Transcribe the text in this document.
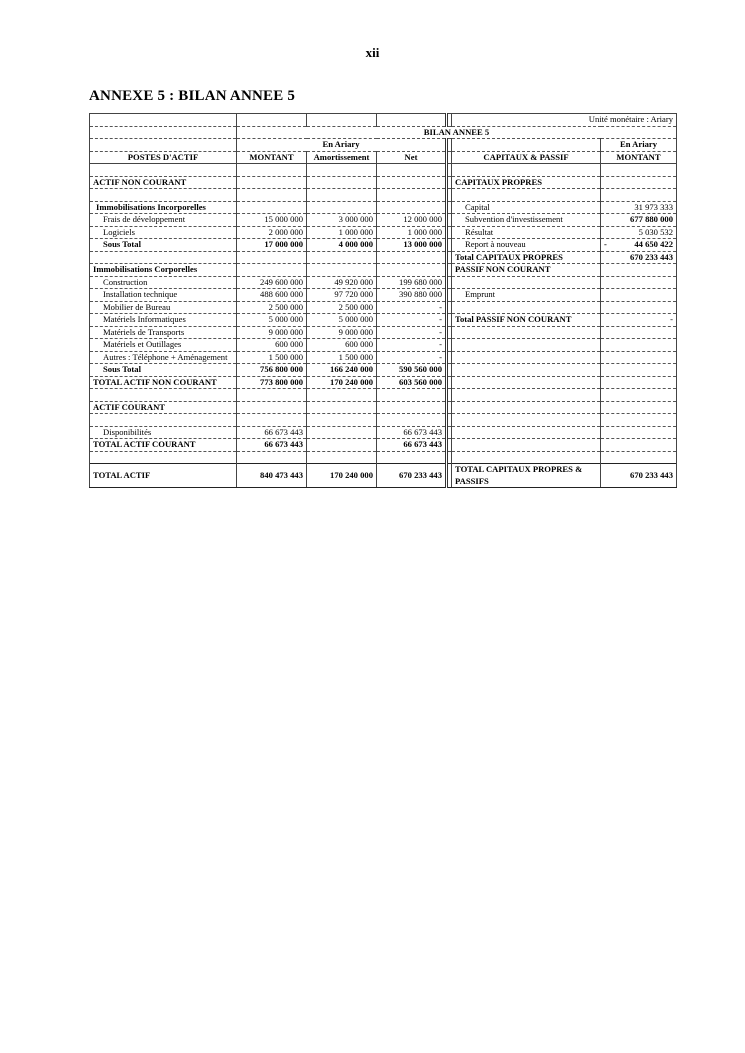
xii
ANNEXE 5 : BILAN ANNEE 5
					Unité monétaire : Ariary	
	BILAN ANNEE 5					
	En Ariary					En Ariary
POSTES D'ACTIF	MONTANT	Amortissement	Net		CAPITAUX & PASSIF	MONTANT

ACTIF NON COURANT					CAPITAUX PROPRES	

Immobilisations Incorporelles					Capital	31 973 333
Frais de développement	15 000 000	3 000 000	12 000 000		Subvention d'investissement	677 880 000
Logiciels	2 000 000	1 000 000	1 000 000		Résultat	5 030 532
Sous Total	17 000 000	4 000 000	13 000 000		Report à nouveau	- 44 650 422
					Total CAPITAUX PROPRES	670 233 443
Immobilisations Corporelles					PASSIF NON COURANT	
Construction	249 600 000	49 920 000	199 680 000			
Installation technique	488 600 000	97 720 000	390 880 000		Emprunt	
Mobilier de Bureau	2 500 000	2 500 000	-			
Matériels Informatiques	5 000 000	5 000 000	-		Total PASSIF NON COURANT	-
Matériels de Transports	9 000 000	9 000 000	-			
Matériels et Outillages	600 000	600 000	-			
Autres : Téléphone + Aménagement	1 500 000	1 500 000	-			
Sous Total	756 800 000	166 240 000	590 560 000			
TOTAL ACTIF NON COURANT	773 800 000	170 240 000	603 560 000			

ACTIF COURANT						

Disponibilités	66 673 443		66 673 443			
TOTAL ACTIF COURANT	66 673 443		66 673 443			

TOTAL ACTIF	840 473 443	170 240 000	670 233 443		TOTAL CAPITAUX PROPRES & PASSIFS	670 233 443
